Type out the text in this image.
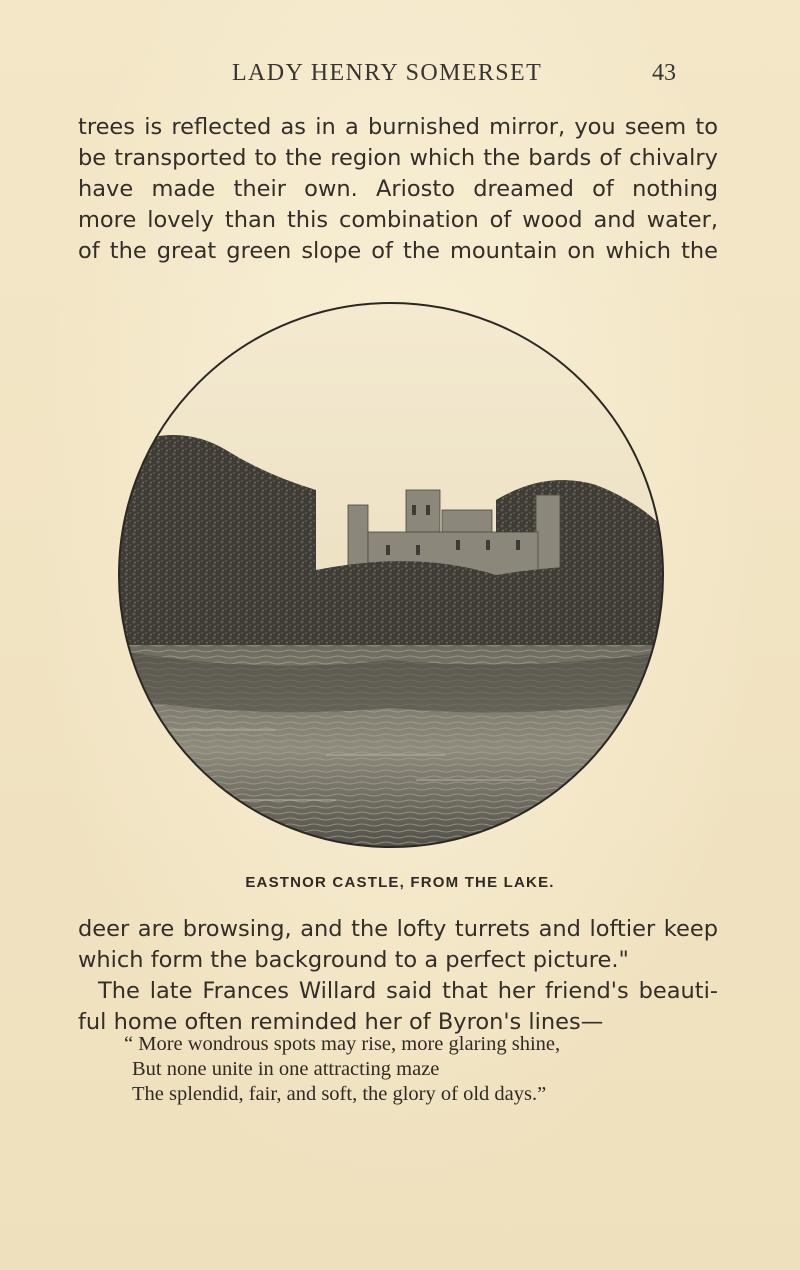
LADY HENRY SOMERSET	43

trees is reflected as in a burnished mirror, you seem to
be transported to the region which the bards of chivalry
have made their own. Ariosto dreamed of nothing
more lovely than this combination of wood and water,
of the great green slope of the mountain on which the

EASTNOR CASTLE, FROM THE LAKE.

deer are browsing, and the lofty turrets and loftier keep
which form the background to a perfect picture."
The late Frances Willard said that her friend's beauti-
ful home often reminded her of Byron's lines—

“ More wondrous spots may rise, more glaring shine,
But none unite in one attracting maze
The splendid, fair, and soft, the glory of old days.”
